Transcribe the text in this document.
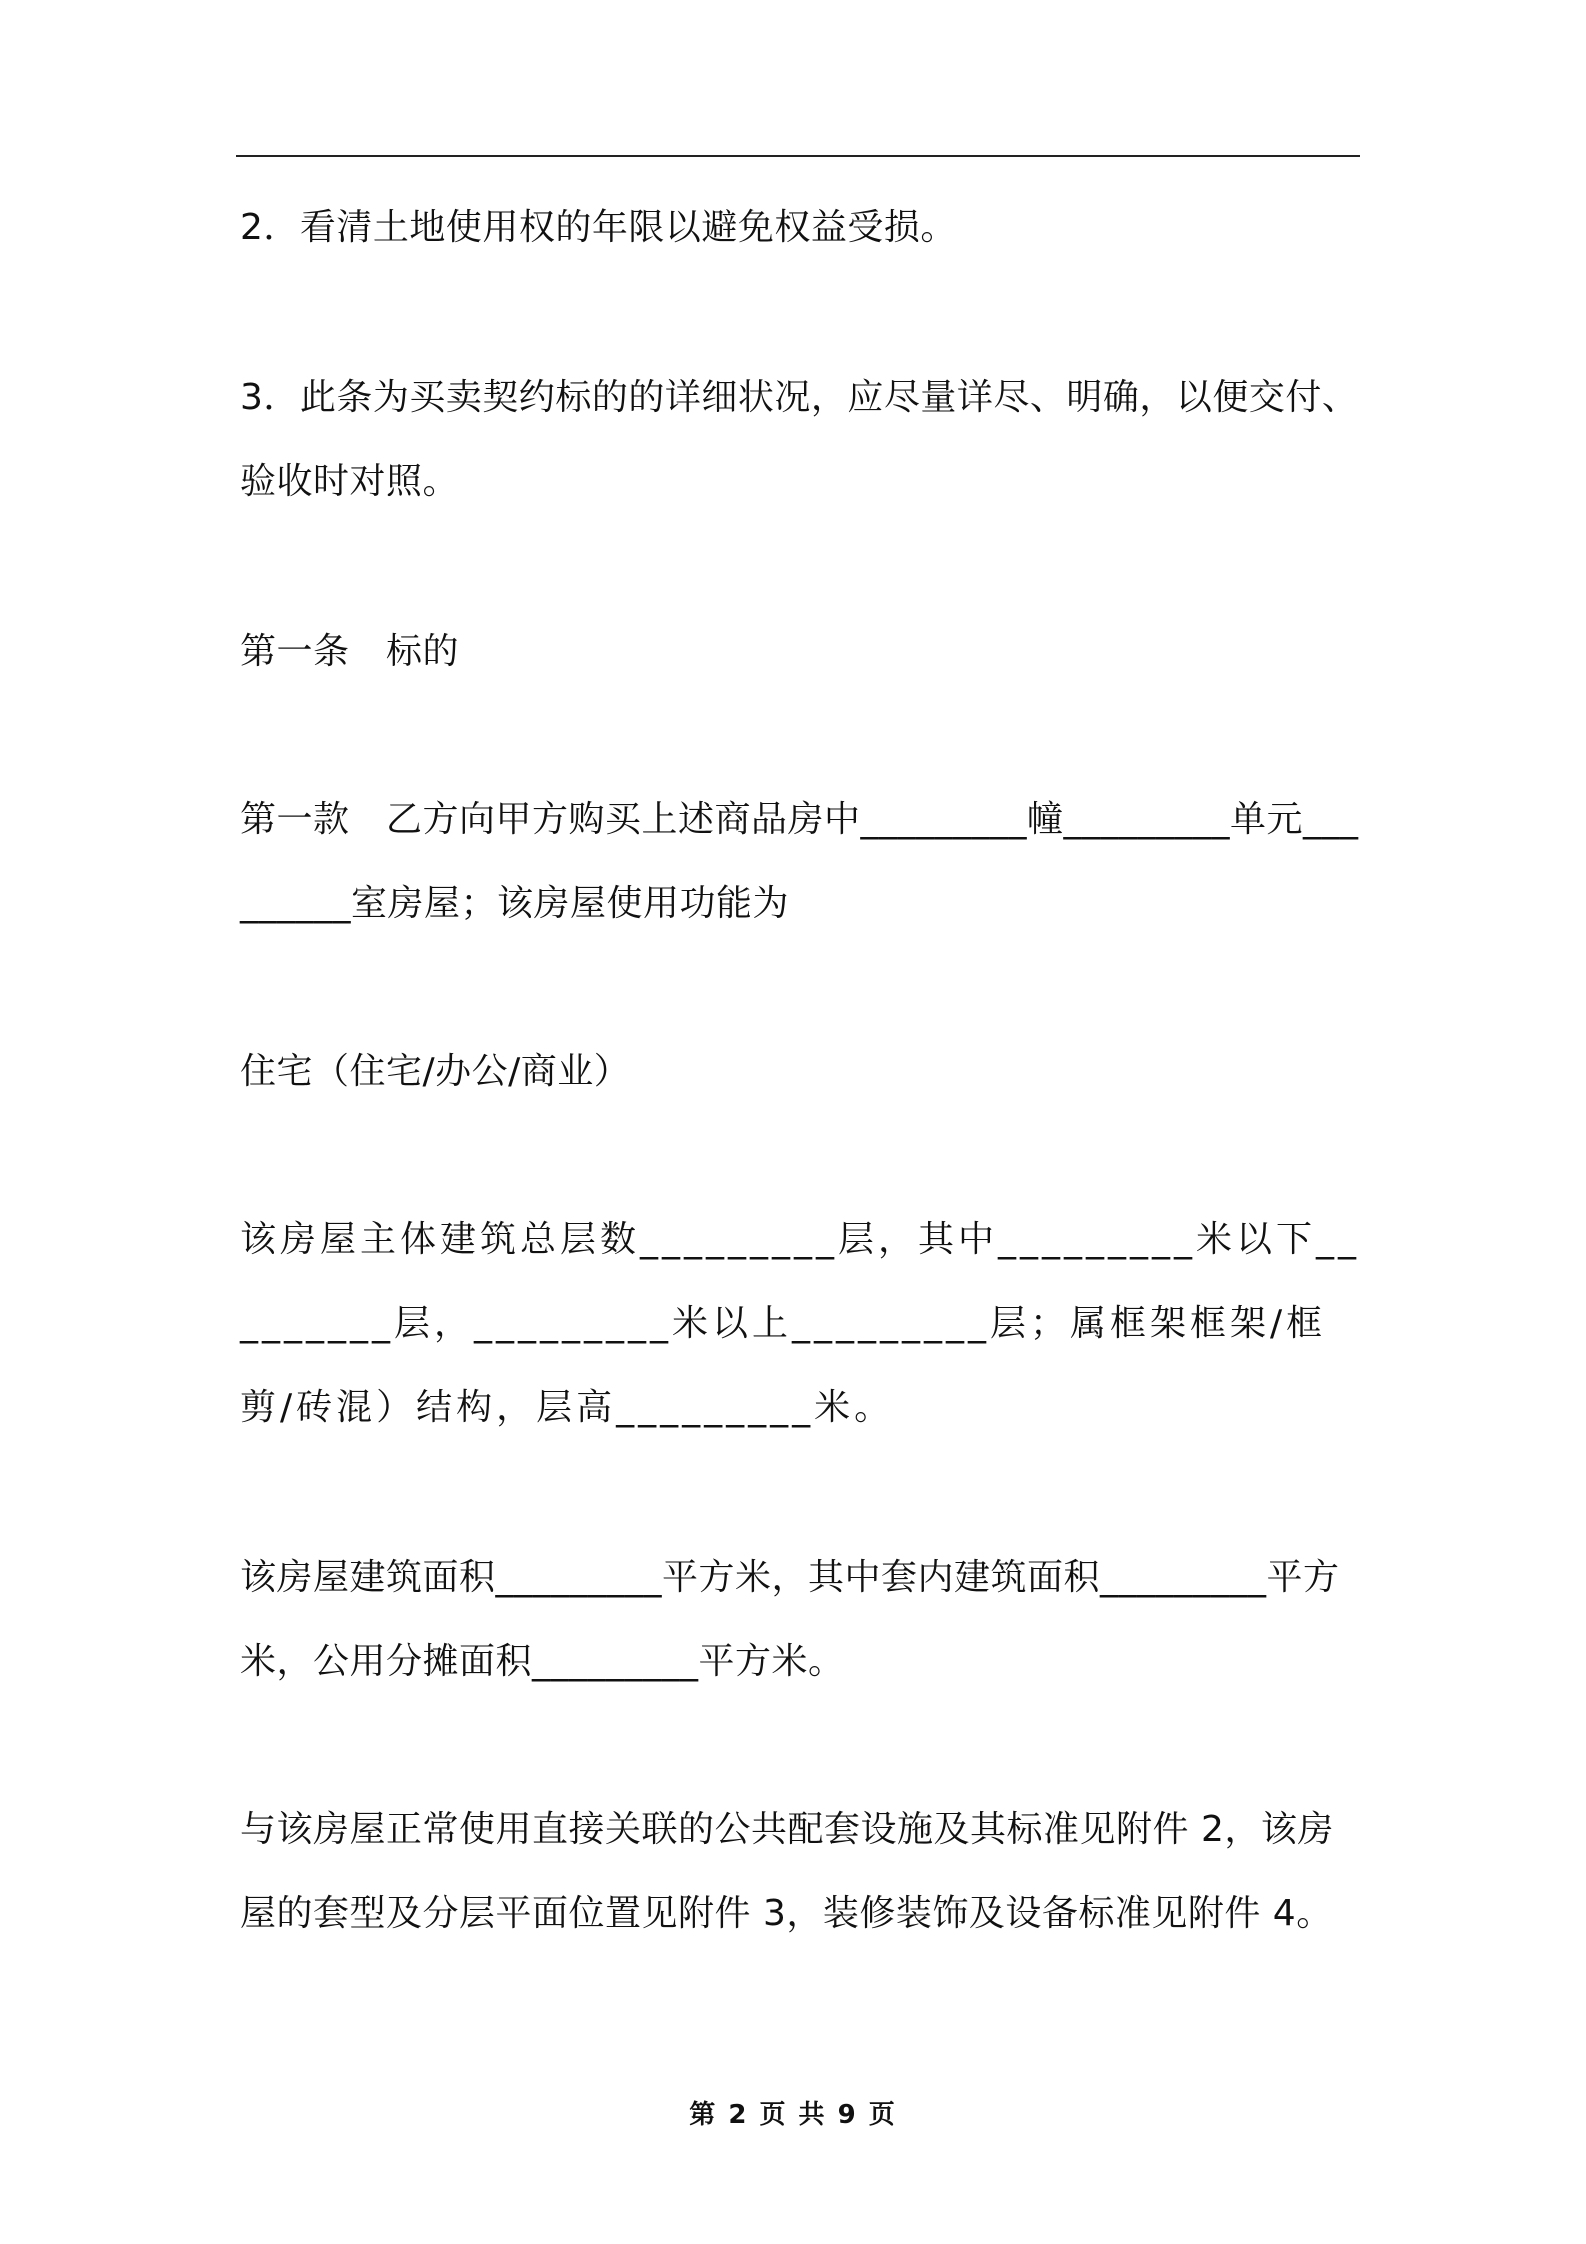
2．看清土地使用权的年限以避免权益受损。

3．此条为买卖契约标的的详细状况，应尽量详尽、明确，以便交付、验收时对照。

第一条　标的

第一款　乙方向甲方购买上述商品房中_________幢_________单元_________室房屋；该房屋使用功能为

住宅（住宅/办公/商业）

该房屋主体建筑总层数_________层，其中_________米以下_________层，_________米以上_________层；属框架框架/框剪/砖混）结构，层高_________米。

该房屋建筑面积_________平方米，其中套内建筑面积_________平方米，公用分摊面积_________平方米。

与该房屋正常使用直接关联的公共配套设施及其标准见附件 2，该房屋的套型及分层平面位置见附件 3，装修装饰及设备标准见附件 4。

第 2 页 共 9 页
